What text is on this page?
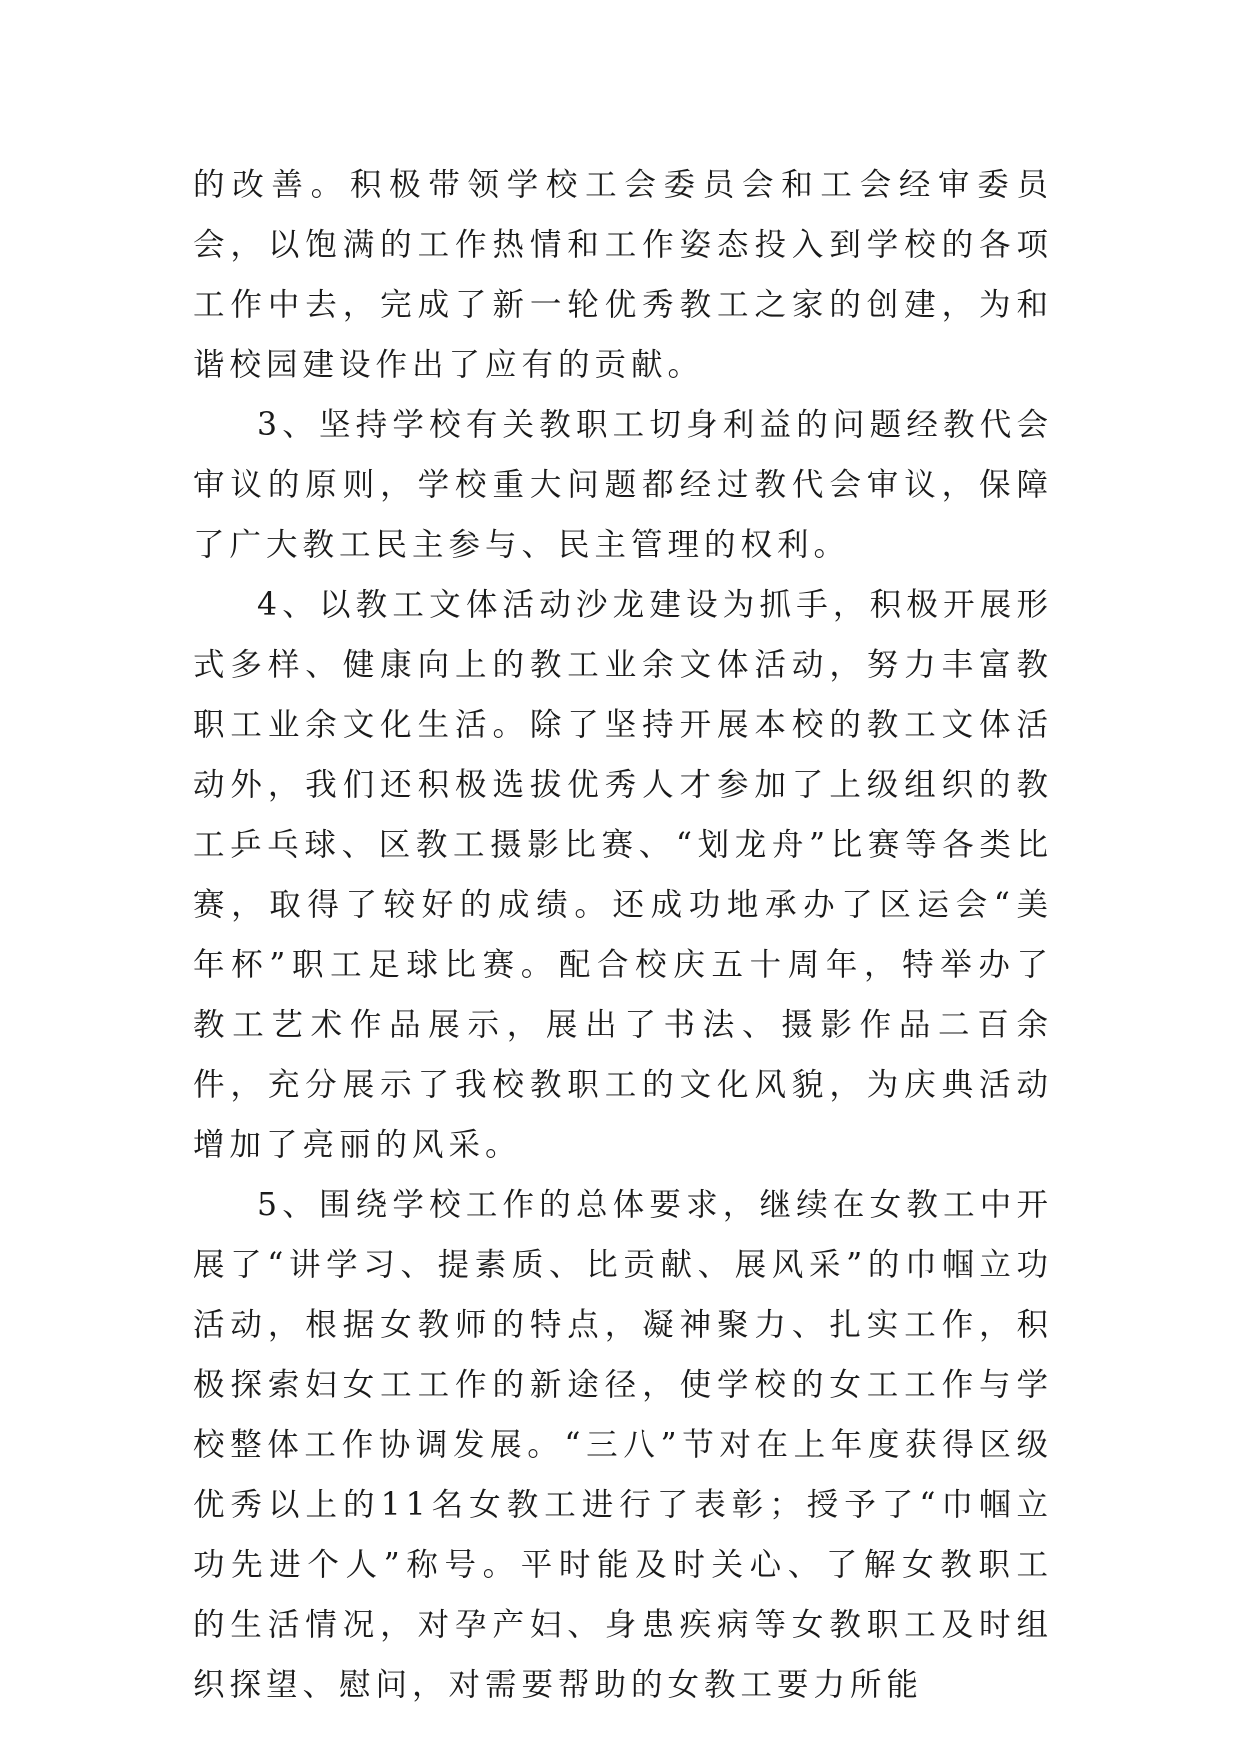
的改善。积极带领学校工会委员会和工会经审委员会，以饱满的工作热情和工作姿态投入到学校的各项工作中去，完成了新一轮优秀教工之家的创建，为和谐校园建设作出了应有的贡献。

3、坚持学校有关教职工切身利益的问题经教代会审议的原则，学校重大问题都经过教代会审议，保障了广大教工民主参与、民主管理的权利。

4、以教工文体活动沙龙建设为抓手，积极开展形式多样、健康向上的教工业余文体活动，努力丰富教职工业余文化生活。除了坚持开展本校的教工文体活动外，我们还积极选拔优秀人才参加了上级组织的教工乒乓球、区教工摄影比赛、“划龙舟”比赛等各类比赛，取得了较好的成绩。还成功地承办了区运会“美年杯”职工足球比赛。配合校庆五十周年，特举办了教工艺术作品展示，展出了书法、摄影作品二百余件，充分展示了我校教职工的文化风貌，为庆典活动增加了亮丽的风采。

5、围绕学校工作的总体要求，继续在女教工中开展了“讲学习、提素质、比贡献、展风采”的巾帼立功活动，根据女教师的特点，凝神聚力、扎实工作，积极探索妇女工工作的新途径，使学校的女工工作与学校整体工作协调发展。“三八”节对在上年度获得区级优秀以上的11名女教工进行了表彰；授予了“巾帼立功先进个人”称号。平时能及时关心、了解女教职工的生活情况，对孕产妇、身患疾病等女教职工及时组织探望、慰问，对需要帮助的女教工要力所能
